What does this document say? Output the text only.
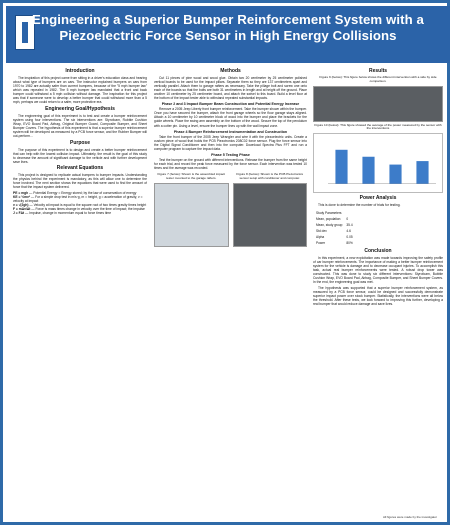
Engineering a Superior Bumper Reinforcement System with a Piezoelectric Force Sensor in High Energy Collisions
Introduction

The inspiration of this project came from sitting in a driver's education class and hearing about what type of bumpers are on cars. The instructor explained bumpers on cars from 1970 to 1982 are actually safer than current bumpers, because of the "5 mph bumper law" which was repealed in 1982. The 5 mph bumper law mandated that a front and back bumper could withstand a 5 mph collision without damage. The inspiration for this project was that if someone were to develop a better bumper that could withstand more than a 5 mph, perhaps we could return to a safer, more protective era.

Engineering Goal/Hypothesis

The engineering goal of this experiment is to test and create a bumper reinforcement system using four interventions. The six interventions are: Styrofoam, Rubble Cushion Wrap, EVO Board Pad, Airbag, Original Bumper Guard, Composite Bumper, and Sheet Bumper Covers. The hypothesis of this experiment is that a superior bumper reinforcement system will be developed as measured by a PCB force sensor, and the Rubber Bumper will out-perform...

Purpose

The purpose of this experiment is to design and create a better bumper reinforcement that can help with the lowest collision impact. Ultimately, the result is the goal of this study to decrease the amount of significant damage to the vehicle and with further development save lives.

Relevant Equations

This project is designed to replicate actual bumpers to bumper impacts. Understanding the physics behind the experiment is mandatory, as this will allow one to determine the force involved. The next section shows the equations that were used to find the amount of force that the impact system delivered.

PE = mgh — Potential Energy = Energy stored; by the law of conservation of energy
KE = ½mv² — For a simple drop test in m/s·g, m = height, g = acceleration of gravity, v = velocity at impact
v = √(2gh) — Velocity at impact is equal to the square root of two times gravity times height
F = mΔv/Δt — Force is mass times change in velocity over the time of impact; the impulse
J = FΔt — Impulse, change in momentum equal to force times time
Methods

Cut 11 pieces of pine wood and wood glue. Obtain two 20 centimeter by 25 centimeter polished vertical boards to be used for the impact pillars. Separate them so they are 137 centimeters apart and vertically parallel. Attach them to garage rafters as necessary. Take the pillage bolt and screw one onto each of the boards so that the bolts are both 31 centimeters in length and at height off the ground. Place another 10 centimeter by 25 centimeter board, and attach the swivel to this board. Build a level floor at the bottom of the impact tester able to withstand repeated substantial impacts.

Phase 2 and 3 Impact Bumper Beam Construction and Potential Energy Increase

Remove a 2005 Jeep Liberty front bumper reinforcement. Take the bumper shown within the bumper. Once you have secured the bumper, attach the front garage wheels so the floor garage stays aligned. Attach a 10 centimeter by 10 centimeter block of wood into the bumper and place the brackets for the guide wheels. Place the swing arm assembly on the bottom of the wood. Secure the top of the pendulum with a cotter pin. Using a level, ensure the bumper lines up with the wall impact zone.

Phase 4 Bumper Reinforcement Instrumentation and Construction

Take the front bumper of the 2005 Jeep Wrangler and wire it with the piezoelectric units. Create a custom piece of wood that holds the PCB Piezotronics 208C02 force sensor. Plug the force sensor into the Digital Signal Conditioner and then into the computer. Download Spectra Plus FFT and run a computer program to capture the impact data.

Phase 5 Testing Phase

Test the bumper on the ground with different interventions. Release the bumper from the same height for each trial, and record the peak force measured by the force sensor. Each intervention was tested 10 times and the average was recorded.

Figure 7 (below): Shown is the assembled impact tester mounted to the garage rafters.
Figure 8 (below): Shown is the PCB Piezotronics sensor setup with conditioner and computer.
Results
Figure 9 (below): This figure below shows the different intervention with a side by side comparison.
Figure 10 (below): This figure showed the average of the power measured by the sensor with the interventions
Power Analysis

This is done to determine the number of trials for testing.

Study Parameters	
Mean, population	0
Mean, study group	35.4
Std dev	4.6
Alpha	0.05
Power	80%
Conclusion

In this experiment, a new exploitation was made towards improving the safety profile of car bumper reinforcements. The importance of making a better bumper reinforcement system for the vehicle is damage and to decrease occupant injuries. To accomplish this task, actual real bumper reinforcements were tested. A robust drop tower was constructed. This was done to study six different interventions: Styrofoam, Bubble Cushion Wrap, EVO Board Pad, Airbag, Composite Bumper, and Sheet Bumper Covers. In the end, the engineering goal was met.

The hypothesis was supported that a superior bumper reinforcement system, as measured by a PCB force sensor, could be designed and successfully demonstrate superior impact power over stock bumper. Statistically, the interventions were all below the threshold. After these tests, we look forward to improving this further, developing a real bumper that would reduce damage and save lives.

All figures were made by the investigator
